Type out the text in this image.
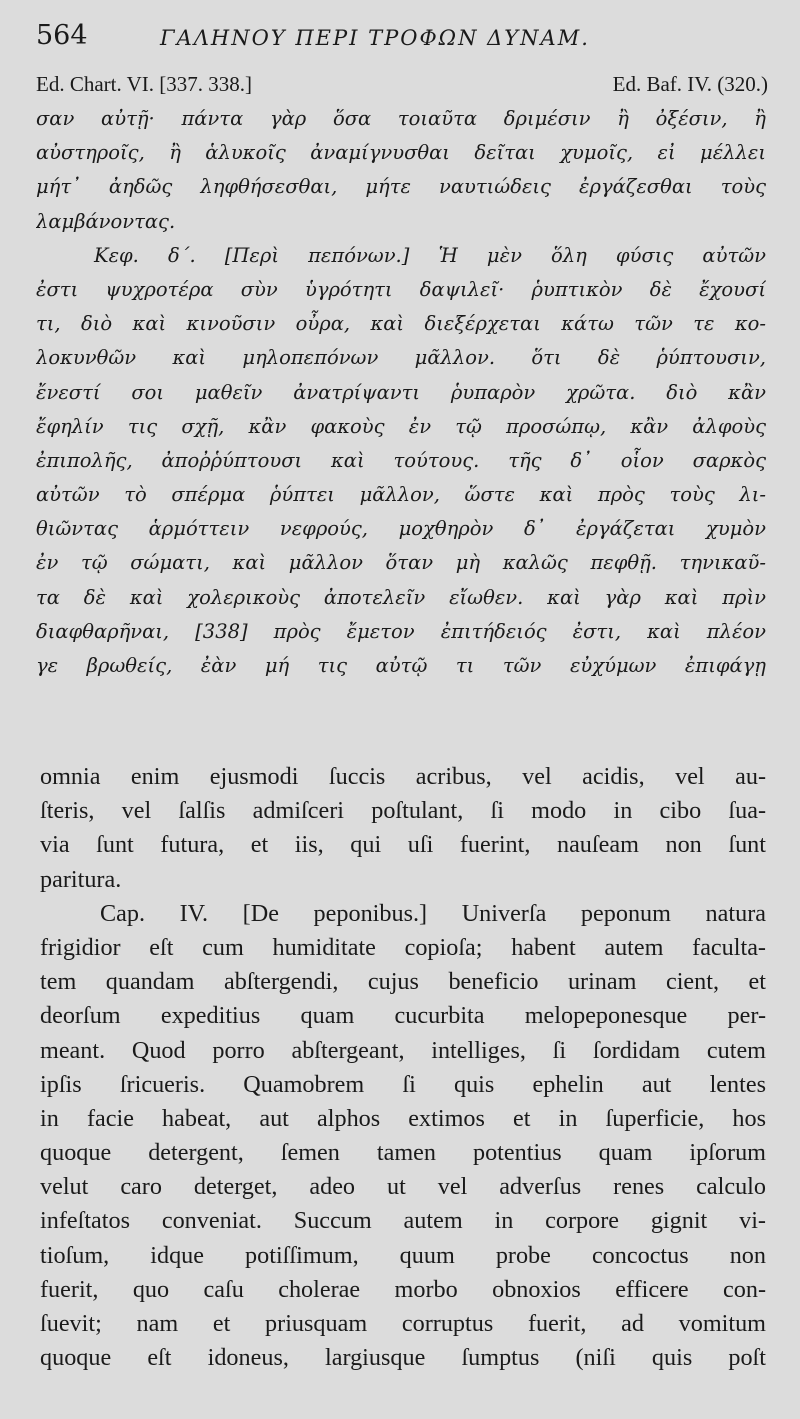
564	ΓΑΛΗΝΟΥ ΠΕΡΙ ΤΡΟΦΩΝ ΔΥΝΑΜ.
Ed. Chart. VI. [337. 338.]	Ed. Baf. IV. (320.)
σαν αὐτῇ· πάντα γὰρ ὅσα τοιαῦτα δριμέσιν ἢ ὀξέσιν, ἢ
αὐστηροῖς, ἢ ἁλυκοῖς ἀναμίγνυσθαι δεῖται χυμοῖς, εἰ μέλλει
μήτ᾽ ἀηδῶς ληφθήσεσθαι, μήτε ναυτιώδεις ἐργάζεσθαι τοὺς
λαμβάνοντας.
Κεφ. δ΄. [Περὶ πεπόνων.] Ἡ μὲν ὅλη φύσις αὐτῶν
ἐστι ψυχροτέρα σὺν ὑγρότητι δαψιλεῖ· ῥυπτικὸν δὲ ἔχουσί
τι, διὸ καὶ κινοῦσιν οὖρα, καὶ διεξέρχεται κάτω τῶν τε κο-
λοκυνθῶν καὶ μηλοπεπόνων μᾶλλον. ὅτι δὲ ῥύπτουσιν,
ἔνεστί σοι μαθεῖν ἀνατρίψαντι ῥυπαρὸν χρῶτα. διὸ κἂν
ἔφηλίν τις σχῇ, κἂν φακοὺς ἐν τῷ προσώπῳ, κἂν ἀλφοὺς
ἐπιπολῆς, ἀποῤῥύπτουσι καὶ τούτους. τῆς δ᾽ οἷον σαρκὸς
αὐτῶν τὸ σπέρμα ῥύπτει μᾶλλον, ὥστε καὶ πρὸς τοὺς λι-
θιῶντας ἁρμόττειν νεφρούς, μοχθηρὸν δ᾽ ἐργάζεται χυμὸν
ἐν τῷ σώματι, καὶ μᾶλλον ὅταν μὴ καλῶς πεφθῇ. τηνικαῦ-
τα δὲ καὶ χολερικοὺς ἀποτελεῖν εἴωθεν. καὶ γὰρ καὶ πρὶν
διαφθαρῆναι, [338] πρὸς ἔμετον ἐπιτήδειός ἐστι, καὶ πλέον
γε βρωθείς, ἐὰν μή τις αὐτῷ τι τῶν εὐχύμων ἐπιφάγῃ
omnia enim ejusmodi ſuccis acribus, vel acidis, vel au-
ſteris, vel ſalſis admiſceri poſtulant, ſi modo in cibo ſua-
via ſunt futura, et iis, qui uſi fuerint, nauſeam non ſunt
paritura.
Cap. IV. [De peponibus.] Univerſa peponum natura
frigidior eſt cum humiditate copioſa; habent autem faculta-
tem quandam abſtergendi, cujus beneficio urinam cient, et
deorſum expeditius quam cucurbita melopeponesque per-
meant. Quod porro abſtergeant, intelliges, ſi ſordidam cutem
ipſis ſricueris. Quamobrem ſi quis ephelin aut lentes
in facie habeat, aut alphos extimos et in ſuperficie, hos
quoque detergent, ſemen tamen potentius quam ipſorum
velut caro deterget, adeo ut vel adverſus renes calculo
infeſtatos conveniat. Succum autem in corpore gignit vi-
tioſum, idque potiſſimum, quum probe concoctus non
fuerit, quo caſu cholerae morbo obnoxios efficere con-
ſuevit; nam et priusquam corruptus fuerit, ad vomitum
quoque eſt idoneus, largiusque ſumptus (niſi quis poſt
